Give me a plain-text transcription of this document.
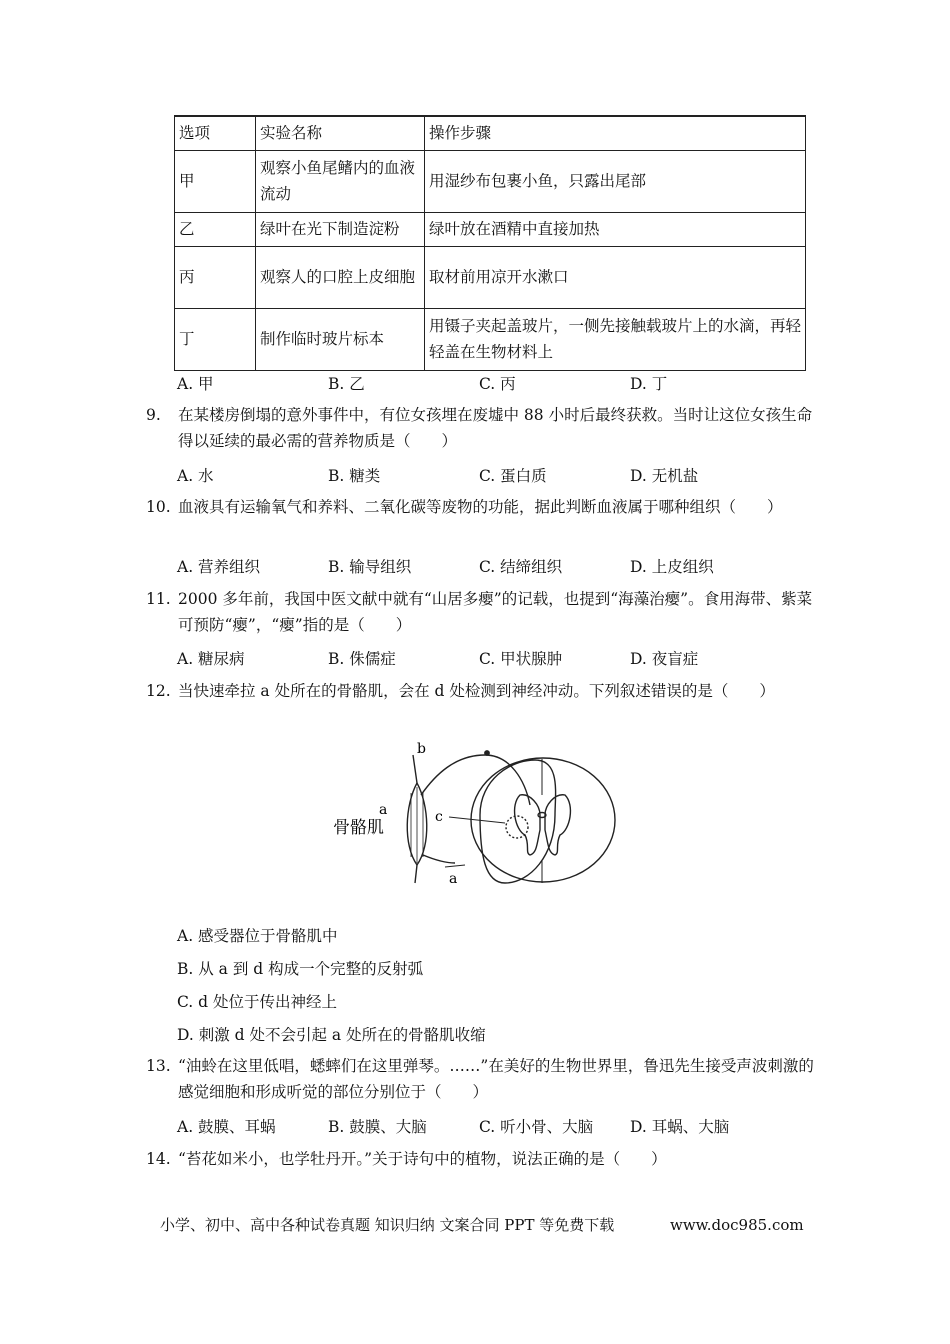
选项	实验名称	操作步骤
甲	观察小鱼尾鳍内的血液流动	用湿纱布包裹小鱼，只露出尾部
乙	绿叶在光下制造淀粉	绿叶放在酒精中直接加热
丙	观察人的口腔上皮细胞	取材前用凉开水漱口
丁	制作临时玻片标本	用镊子夹起盖玻片，一侧先接触载玻片上的水滴，再轻轻盖在生物材料上
A. 甲	B. 乙	C. 丙	D. 丁
9. 在某楼房倒塌的意外事件中，有位女孩埋在废墟中 88 小时后最终获救。当时让这位女孩生命得以延续的最必需的营养物质是（　　）
A. 水	B. 糖类	C. 蛋白质	D. 无机盐
10. 血液具有运输氧气和养料、二氧化碳等废物的功能，据此判断血液属于哪种组织（　　）
A. 营养组织	B. 输导组织	C. 结缔组织	D. 上皮组织
11. 2000 多年前，我国中医文献中就有“山居多瘿”的记载，也提到“海藻治瘿”。食用海带、紫菜可预防“瘿”，“瘿”指的是（　　）
A. 糖尿病	B. 侏儒症	C. 甲状腺肿	D. 夜盲症
12. 当快速牵拉 a 处所在的骨骼肌，会在 d 处检测到神经冲动。下列叙述错误的是（　　）
骨骼肌
a
b
c
a
A. 感受器位于骨骼肌中
B. 从 a 到 d 构成一个完整的反射弧
C. d 处位于传出神经上
D. 刺激 d 处不会引起 a 处所在的骨骼肌收缩
13. “油蛉在这里低唱，蟋蟀们在这里弹琴。……”在美好的生物世界里，鲁迅先生接受声波刺激的感觉细胞和形成听觉的部位分别位于（　　）
A. 鼓膜、耳蜗	B. 鼓膜、大脑	C. 听小骨、大脑 D. 耳蜗、大脑
14. “苔花如米小，也学牡丹开。”关于诗句中的植物，说法正确的是（　　）
小学、初中、高中各种试卷真题 知识归纳 文案合同 PPT 等免费下载	www.doc985.com
